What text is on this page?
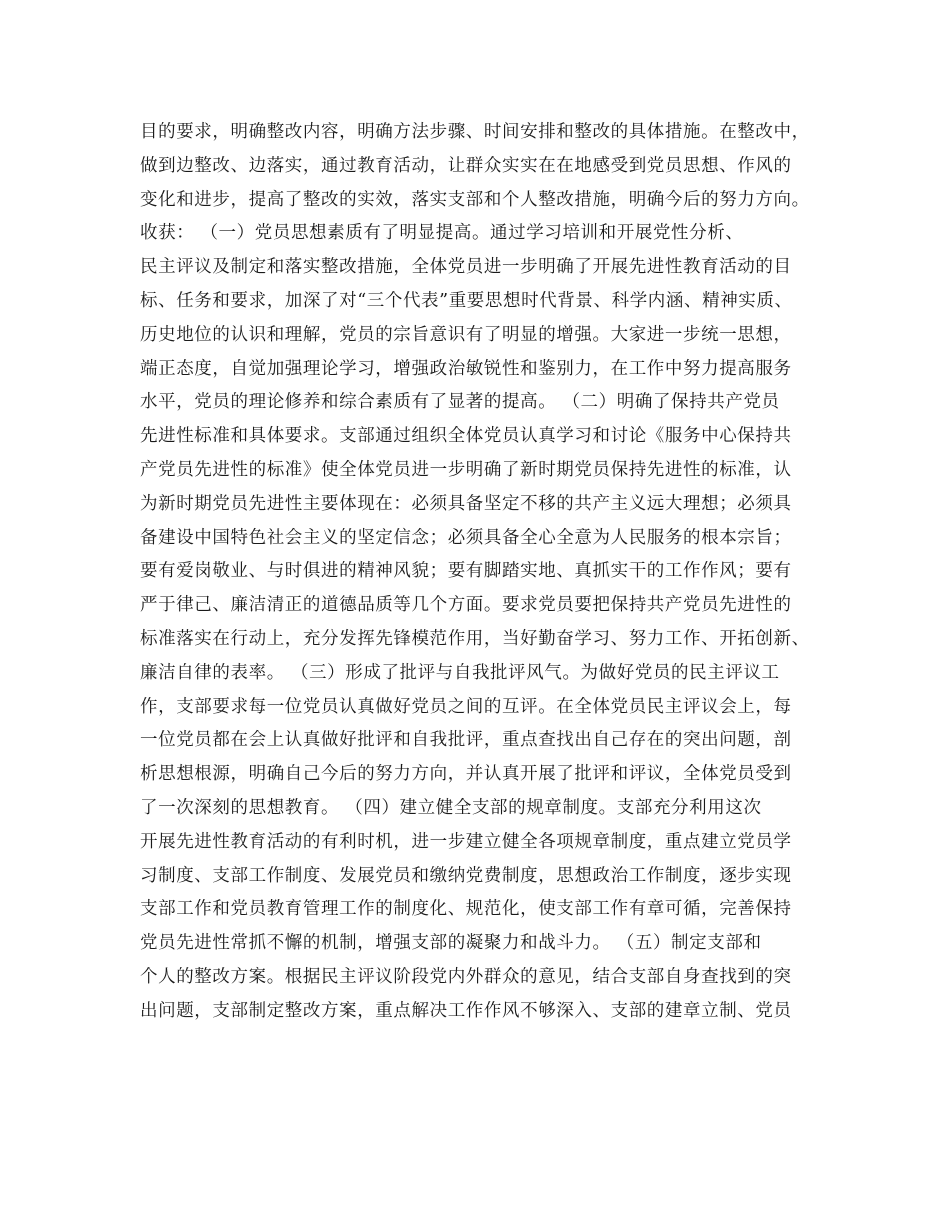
目的要求，明确整改内容，明确方法步骤、时间安排和整改的具体措施。在整改中，
做到边整改、边落实，通过教育活动，让群众实实在在地感受到党员思想、作风的
变化和进步，提高了整改的实效，落实支部和个人整改措施，明确今后的努力方向。
收获： （一）党员思想素质有了明显提高。通过学习培训和开展党性分析、
民主评议及制定和落实整改措施，全体党员进一步明确了开展先进性教育活动的目
标、任务和要求，加深了对“三个代表”重要思想时代背景、科学内涵、精神实质、
历史地位的认识和理解，党员的宗旨意识有了明显的增强。大家进一步统一思想，
端正态度，自觉加强理论学习，增强政治敏锐性和鉴别力，在工作中努力提高服务
水平，党员的理论修养和综合素质有了显著的提高。 （二）明确了保持共产党员
先进性标准和具体要求。支部通过组织全体党员认真学习和讨论《服务中心保持共
产党员先进性的标准》使全体党员进一步明确了新时期党员保持先进性的标准，认
为新时期党员先进性主要体现在：必须具备坚定不移的共产主义远大理想；必须具
备建设中国特色社会主义的坚定信念；必须具备全心全意为人民服务的根本宗旨；
要有爱岗敬业、与时俱进的精神风貌；要有脚踏实地、真抓实干的工作作风；要有
严于律己、廉洁清正的道德品质等几个方面。要求党员要把保持共产党员先进性的
标准落实在行动上，充分发挥先锋模范作用，当好勤奋学习、努力工作、开拓创新、
廉洁自律的表率。 （三）形成了批评与自我批评风气。为做好党员的民主评议工
作，支部要求每一位党员认真做好党员之间的互评。在全体党员民主评议会上，每
一位党员都在会上认真做好批评和自我批评，重点查找出自己存在的突出问题，剖
析思想根源，明确自己今后的努力方向，并认真开展了批评和评议，全体党员受到
了一次深刻的思想教育。 （四）建立健全支部的规章制度。支部充分利用这次
开展先进性教育活动的有利时机，进一步建立健全各项规章制度，重点建立党员学
习制度、支部工作制度、发展党员和缴纳党费制度，思想政治工作制度，逐步实现
支部工作和党员教育管理工作的制度化、规范化，使支部工作有章可循，完善保持
党员先进性常抓不懈的机制，增强支部的凝聚力和战斗力。 （五）制定支部和
个人的整改方案。根据民主评议阶段党内外群众的意见，结合支部自身查找到的突
出问题，支部制定整改方案，重点解决工作作风不够深入、支部的建章立制、党员
